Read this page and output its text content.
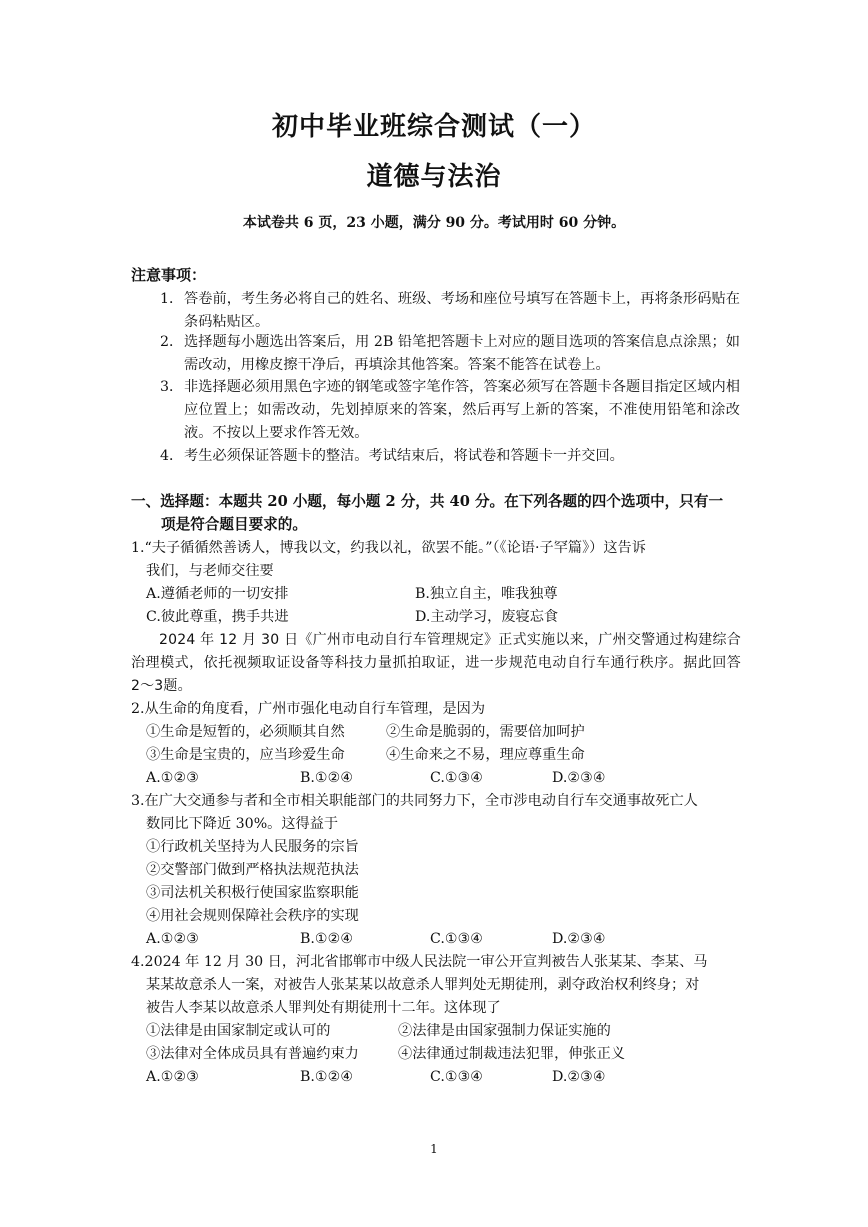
初中毕业班综合测试（一）
道德与法治
本试卷共 6 页，23 小题，满分 90 分。考试用时 60 分钟。
注意事项：
1． 答卷前，考生务必将自己的姓名、班级、考场和座位号填写在答题卡上，再将条形码贴在条码粘贴区。
2． 选择题每小题选出答案后，用 2B 铅笔把答题卡上对应的题目选项的答案信息点涂黑；如需改动，用橡皮擦干净后，再填涂其他答案。答案不能答在试卷上。
3． 非选择题必须用黑色字迹的钢笔或签字笔作答，答案必须写在答题卡各题目指定区域内相应位置上；如需改动，先划掉原来的答案，然后再写上新的答案，不准使用铅笔和涂改液。不按以上要求作答无效。
4． 考生必须保证答题卡的整洁。考试结束后，将试卷和答题卡一并交回。
一、选择题：本题共 20 小题，每小题 2 分，共 40 分。在下列各题的四个选项中，只有一
项是符合题目要求的。
1.“夫子循循然善诱人，博我以文，约我以礼，欲罢不能。”（《论语·子罕篇》）这告诉
我们，与老师交往要
A.遵循老师的一切安排	B.独立自主，唯我独尊
C.彼此尊重，携手共进	D.主动学习，废寝忘食
2024 年 12 月 30 日《广州市电动自行车管理规定》正式实施以来，广州交警通过构建综合治理模式，依托视频取证设备等科技力量抓拍取证，进一步规范电动自行车通行秩序。据此回答 2～3题。
2.从生命的角度看，广州市强化电动自行车管理，是因为
①生命是短暂的，必须顺其自然	②生命是脆弱的，需要倍加呵护
③生命是宝贵的，应当珍爱生命	④生命来之不易，理应尊重生命
A.①②③	B.①②④	C.①③④	D.②③④
3.在广大交通参与者和全市相关职能部门的共同努力下，全市涉电动自行车交通事故死亡人
数同比下降近 30%。这得益于
①行政机关坚持为人民服务的宗旨
②交警部门做到严格执法规范执法
③司法机关积极行使国家监察职能
④用社会规则保障社会秩序的实现
A.①②③	B.①②④	C.①③④	D.②③④
4.2024 年 12 月 30 日，河北省邯郸市中级人民法院一审公开宣判被告人张某某、李某、马
某某故意杀人一案，对被告人张某某以故意杀人罪判处无期徒刑，剥夺政治权利终身；对
被告人李某以故意杀人罪判处有期徒刑十二年。这体现了
①法律是由国家制定或认可的	②法律是由国家强制力保证实施的
③法律对全体成员具有普遍约束力	④法律通过制裁违法犯罪，伸张正义
A.①②③	B.①②④	C.①③④	D.②③④
1
